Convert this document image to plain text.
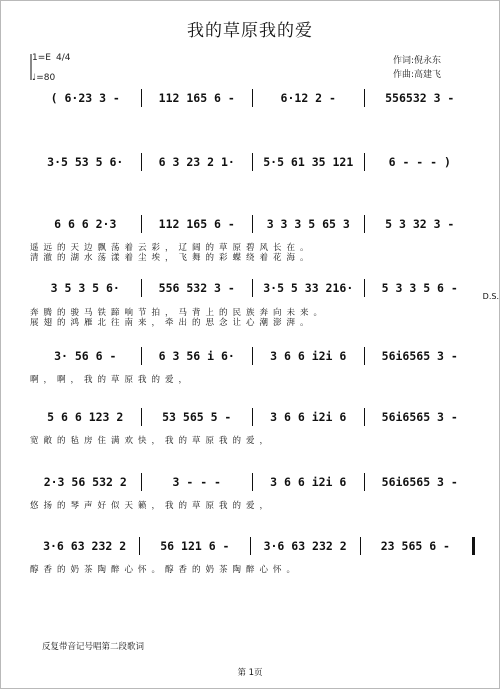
我的草原我的爱
作词:倪永东
作曲:高建飞
1=E 4/4
♩=80
( 6·23 3 -	112 165 6 -	6·12 2 -	556532 3 -
3·5 53 5 6·	6 3 23 2 1·	5·5 61 35 121	6 - - - )
6 6 6 2·3	112 165 6 -	3 3 3 5 65 3	5 3 32 3 -
遥远的天边飘荡着云彩，辽阔的草原碧风长在。
清澈的湖水荡漾着尘埃，飞舞的彩蝶绕着花海。
3 5 3 5 6·	556 532 3 -	3·5 5 33 216·	5 3 3 5 6 -
D.S.
奔腾的骏马铁蹄响节拍，马背上的民族奔向未来。
展翅的鸿雁北往南来，牵出的思念让心潮澎湃。
3· 56 6 -	6 3 56 i 6·	3 6 6 i2i 6	56i6565 3 -
啊，啊，我的草原我的爱，
5 6 6 123 2	53 565 5 -	3 6 6 i2i 6	56i6565 3 -
宽敞的毡房住满欢快，我的草原我的爱，
2·3 56 532 2	3 - - -	3 6 6 i2i 6	56i6565 3 -
悠扬的琴声好似天籁，我的草原我的爱，
3·6 63 232 2	56 121 6 -	3·6 63 232 2	23 565 6 -
醇香的奶茶陶醉心怀。醇香的奶茶陶醉心怀。
反复带音记号唱第二段歌词
第 1页
